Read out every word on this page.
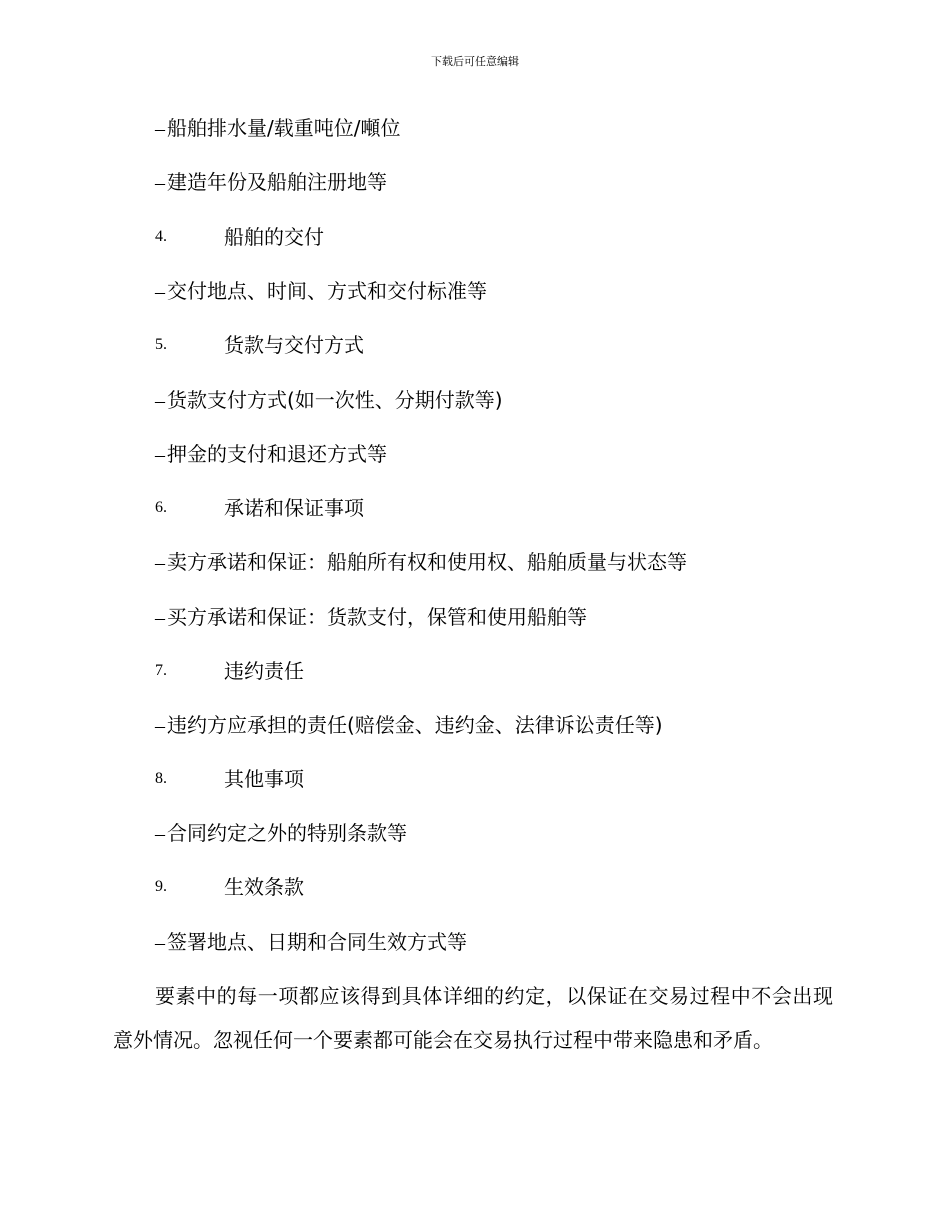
下载后可任意编辑
– 船舶排水量/载重吨位/噸位
– 建造年份及船舶注册地等
4.	船舶的交付
– 交付地点、时间、方式和交付标准等
5.	货款与交付方式
– 货款支付方式(如一次性、分期付款等)
– 押金的支付和退还方式等
6.	承诺和保证事项
– 卖方承诺和保证：船舶所有权和使用权、船舶质量与状态等
– 买方承诺和保证：货款支付，保管和使用船舶等
7.	违约责任
– 违约方应承担的责任(赔偿金、违约金、法律诉讼责任等)
8.	其他事项
– 合同约定之外的特别条款等
9.	生效条款
– 签署地点、日期和合同生效方式等
要素中的每一项都应该得到具体详细的约定，以保证在交易过程中不会出现意外情况。忽视任何一个要素都可能会在交易执行过程中带来隐患和矛盾。
